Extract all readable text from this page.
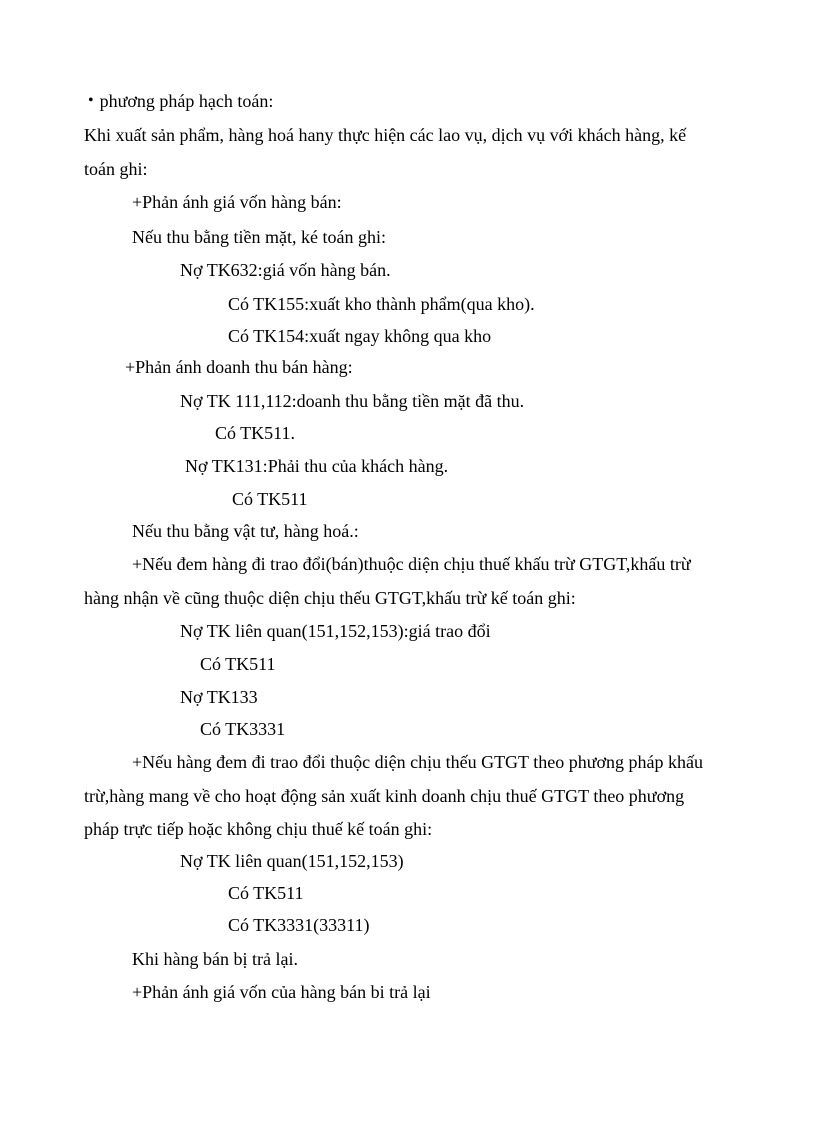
• phương pháp hạch toán:
Khi xuất sản phẩm, hàng hoá hany thực hiện các lao vụ, dịch vụ với khách hàng, kế
toán ghi:
+Phản ánh giá vốn hàng bán:
Nếu thu bằng tiền mặt, ké toán ghi:
Nợ TK632:giá vốn hàng bán.
Có TK155:xuất kho thành phẩm(qua kho).
Có TK154:xuất ngay không qua kho
+Phản ánh doanh thu bán hàng:
Nợ TK 111,112:doanh thu bằng tiền mặt đã thu.
Có TK511.
Nợ TK131:Phải thu của khách hàng.
Có TK511
Nếu thu bằng vật tư, hàng hoá.:
+Nếu đem hàng đi trao đổi(bán)thuộc diện chịu thuế khấu trừ GTGT,khấu trừ
hàng nhận về cũng thuộc diện chịu thếu GTGT,khấu trừ kế toán ghi:
Nợ TK liên quan(151,152,153):giá trao đổi
Có TK511
Nợ TK133
Có TK3331
+Nếu hàng đem đi trao đổi thuộc diện chịu thếu GTGT theo phương pháp khấu
trừ,hàng mang về cho hoạt động sản xuất kinh doanh chịu thuế GTGT theo phương
pháp trực tiếp hoặc không chịu thuế kế toán ghi:
Nợ TK liên quan(151,152,153)
Có TK511
Có TK3331(33311)
Khi hàng bán bị trả lại.
+Phản ánh giá vốn của hàng bán bi trả lại
